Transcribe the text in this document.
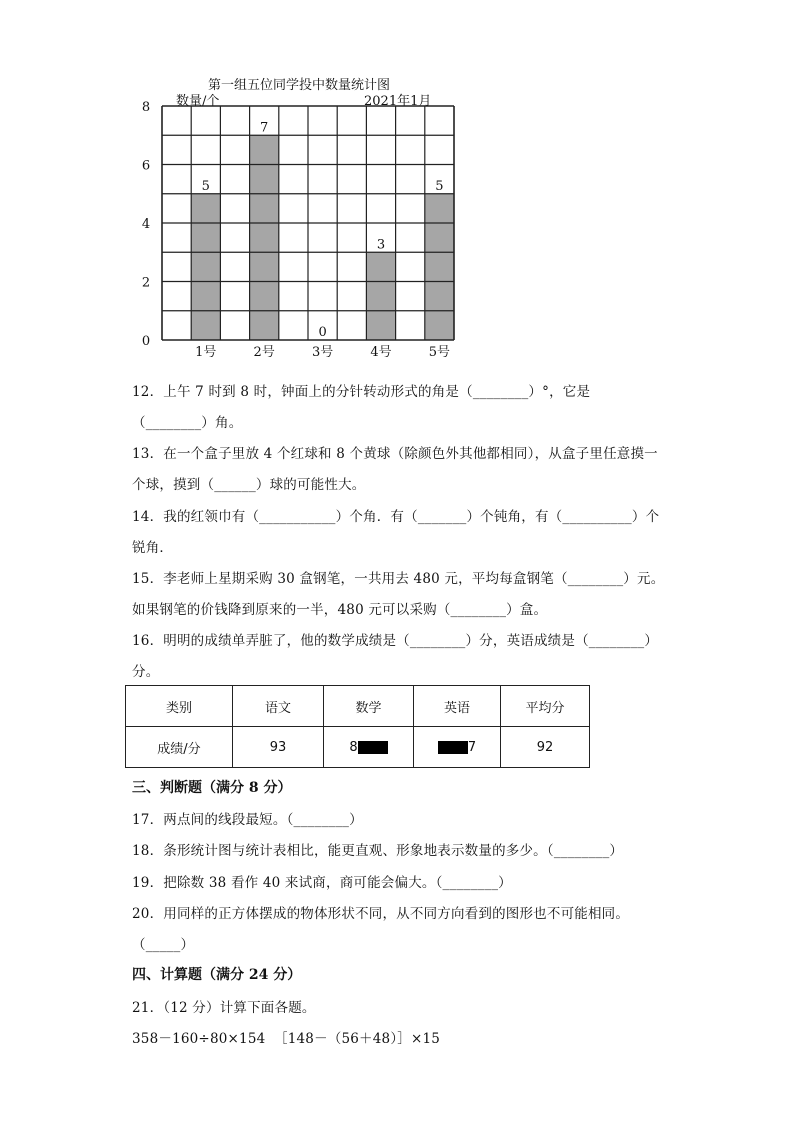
第一组五位同学投中数量统计图
数量/个	2021年1月
5
1号
7
2号
0
3号
3
4号
5
5号
0
2
4
6
8
12．上午 7 时到 8 时，钟面上的分针转动形式的角是（________）°，它是
（________）角。
13．在一个盒子里放 4 个红球和 8 个黄球（除颜色外其他都相同），从盒子里任意摸一
个球，摸到（______）球的可能性大。
14．我的红领巾有（___________）个角．有（_______）个钝角，有（__________）个
锐角．
15．李老师上星期采购 30 盒钢笔，一共用去 480 元，平均每盒钢笔（________）元。
如果钢笔的价钱降到原来的一半，480 元可以采购（________）盒。
16．明明的成绩单弄脏了，他的数学成绩是（________）分，英语成绩是（________）
分。
类别	语文	数学	英语	平均分
成绩/分	93	8	7	92
三、判断题（满分 8 分）
17．两点间的线段最短。（________）
18．条形统计图与统计表相比，能更直观、形象地表示数量的多少。（________）
19．把除数 38 看作 40 来试商，商可能会偏大。（________）
20．用同样的正方体摆成的物体形状不同，从不同方向看到的图形也不可能相同。
（_____）
四、计算题（满分 24 分）
21．（12 分）计算下面各题。
358－160÷80×154 ［148－（56＋48）］×15
